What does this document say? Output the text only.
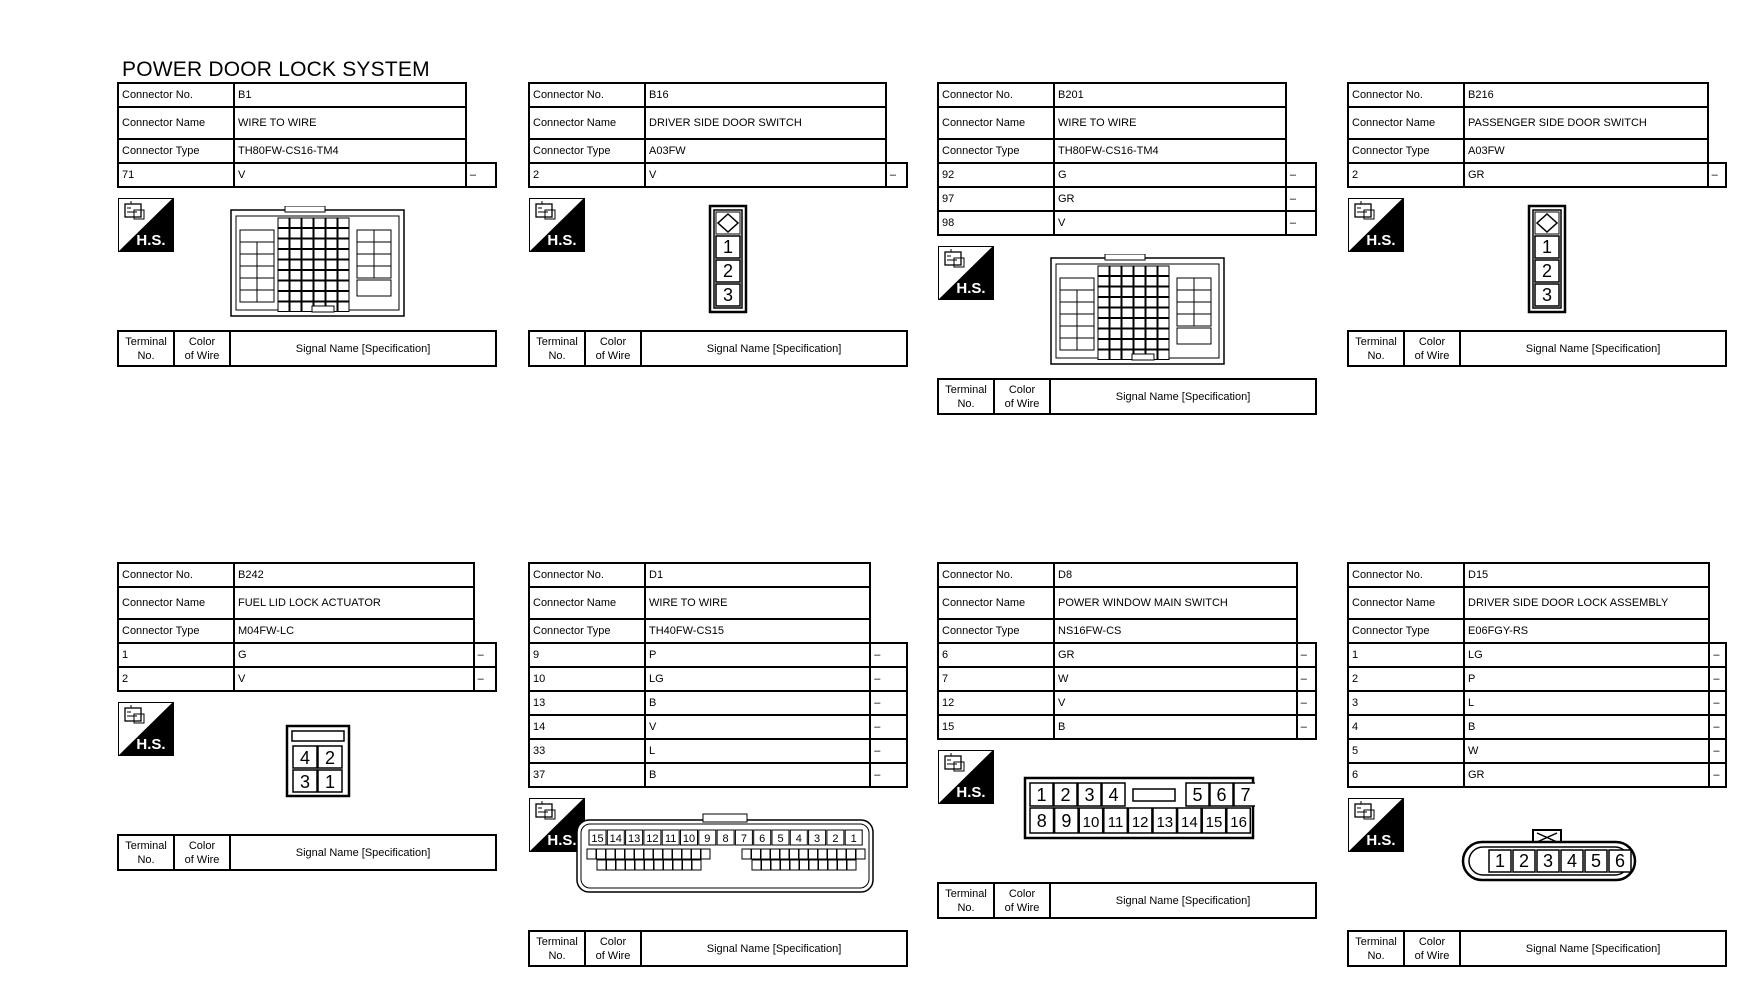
POWER DOOR LOCK SYSTEM
Connector No.	B1	
Connector Name	WIRE TO WIRE	
Connector Type	TH80FW-CS16-TM4	
71	V	–
H.S.
Terminal
No.	Color
of Wire	Signal Name [Specification]
Connector No.	B16	
Connector Name	DRIVER SIDE DOOR SWITCH	
Connector Type	A03FW	
2	V	–
H.S.	1
2
3
Terminal
No.	Color
of Wire	Signal Name [Specification]
Connector No.	B201	
Connector Name	WIRE TO WIRE	
Connector Type	TH80FW-CS16-TM4	
92	G	–
97	GR	–
98	V	–
H.S.
Terminal
No.	Color
of Wire	Signal Name [Specification]
Connector No.	B216	
Connector Name	PASSENGER SIDE DOOR SWITCH	
Connector Type	A03FW	
2	GR	–
H.S.	1
2
3
Terminal
No.	Color
of Wire	Signal Name [Specification]
Connector No.	B242	
Connector Name	FUEL LID LOCK ACTUATOR	
Connector Type	M04FW-LC	
1	G	–
2	V	–
H.S.
4 2
3 1
Terminal
No.	Color
of Wire	Signal Name [Specification]
Connector No.	D1	
Connector Name	WIRE TO WIRE	
Connector Type	TH40FW-CS15	
9	P	–
10	LG	–
13	B	–
14	V	–
33	L	–
37	B	–
H.S. 15 14 13 12 11 10 9 8 7 6 5 4 3 2 1
Terminal
No.	Color
of Wire	Signal Name [Specification]
Connector No.	D8	
Connector Name	POWER WINDOW MAIN SWITCH	
Connector Type	NS16FW-CS	
6	GR	–
7	W	–
12	V	–
15	B	–
H.S.	1 2 3 4	5 6 7
8 9 10 11 12 13 14 15 16
Terminal
No.	Color
of Wire	Signal Name [Specification]
Connector No.	D15	
Connector Name	DRIVER SIDE DOOR LOCK ASSEMBLY	
Connector Type	E06FGY-RS	
1	LG	–
2	P	–
3	L	–
4	B	–
5	W	–
6	GR	–
H.S.
1 2 3 4 5 6
Terminal
No.	Color
of Wire	Signal Name [Specification]
